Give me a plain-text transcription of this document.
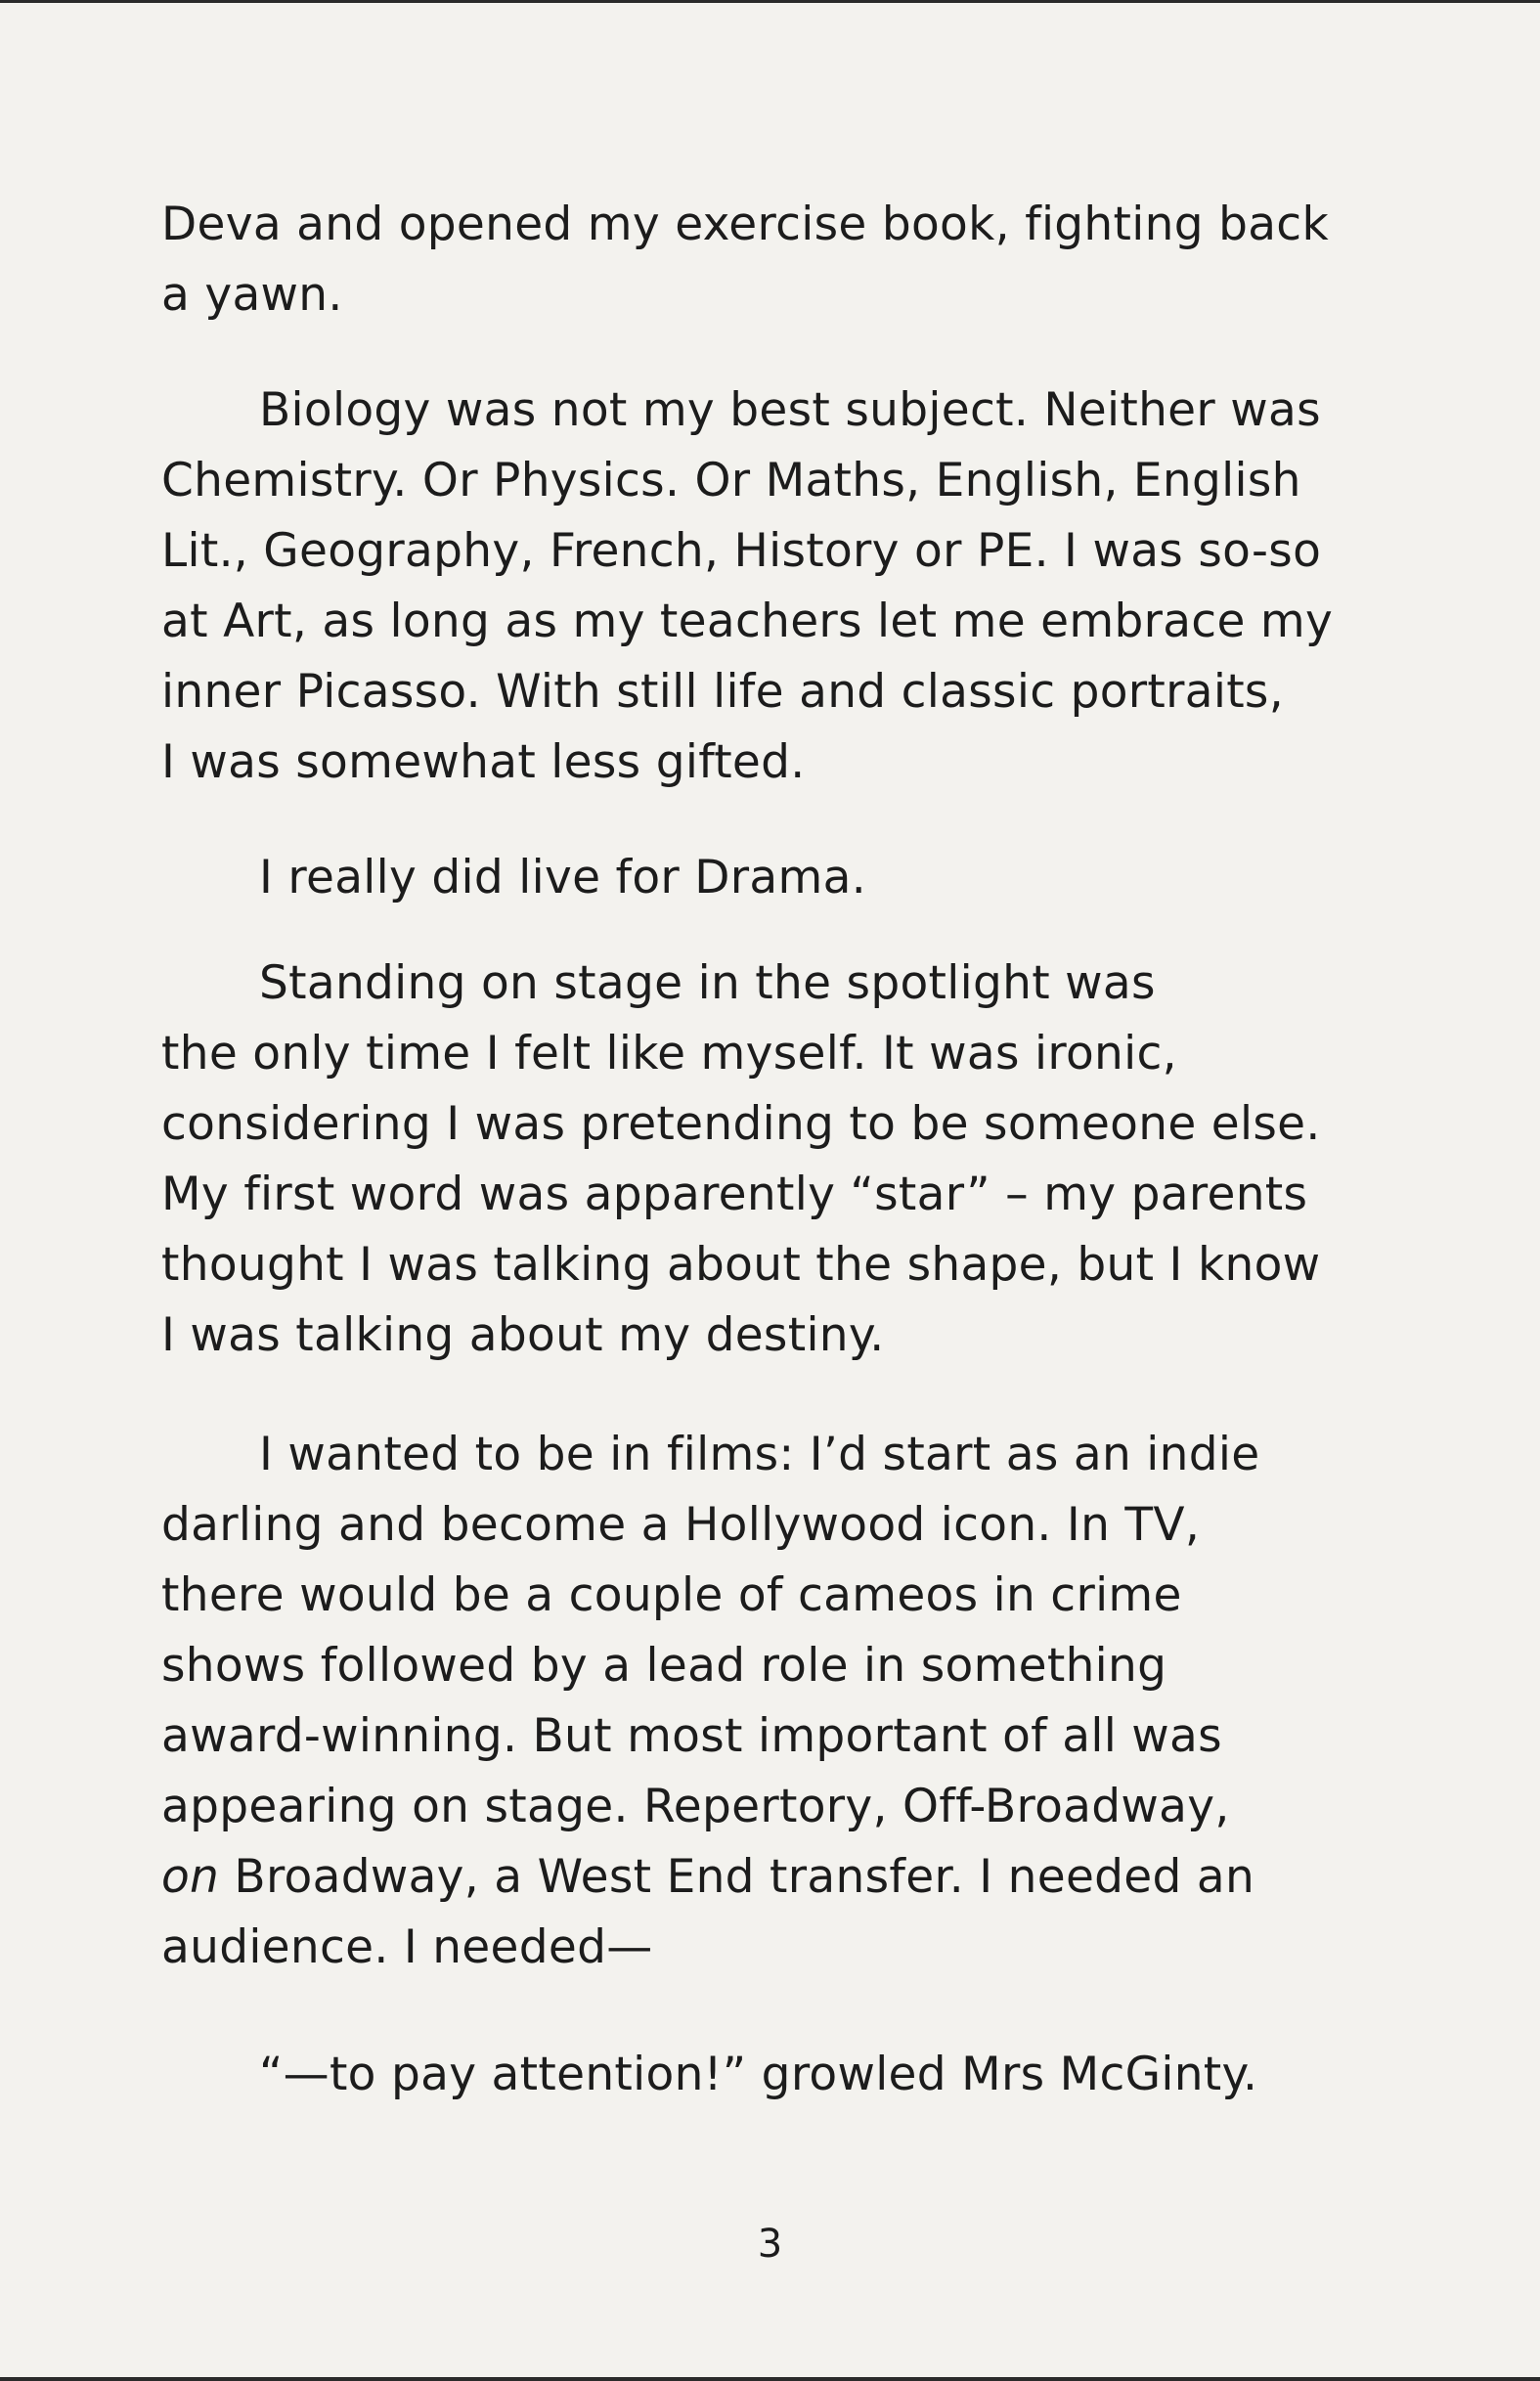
Deva and opened my exercise book, fighting back
a yawn.
Biology was not my best subject. Neither was
Chemistry. Or Physics. Or Maths, English, English
Lit., Geography, French, History or PE. I was so-so
at Art, as long as my teachers let me embrace my
inner Picasso. With still life and classic portraits,
I was somewhat less gifted.
I really did live for Drama.
Standing on stage in the spotlight was
the only time I felt like myself. It was ironic,
considering I was pretending to be someone else.
My first word was apparently “star” – my parents
thought I was talking about the shape, but I know
I was talking about my destiny.
I wanted to be in films: I’d start as an indie
darling and become a Hollywood icon. In TV,
there would be a couple of cameos in crime
shows followed by a lead role in something
award-winning. But most important of all was
appearing on stage. Repertory, Off-Broadway,
on Broadway, a West End transfer. I needed an
audience. I needed—
“—to pay attention!” growled Mrs McGinty.
3
